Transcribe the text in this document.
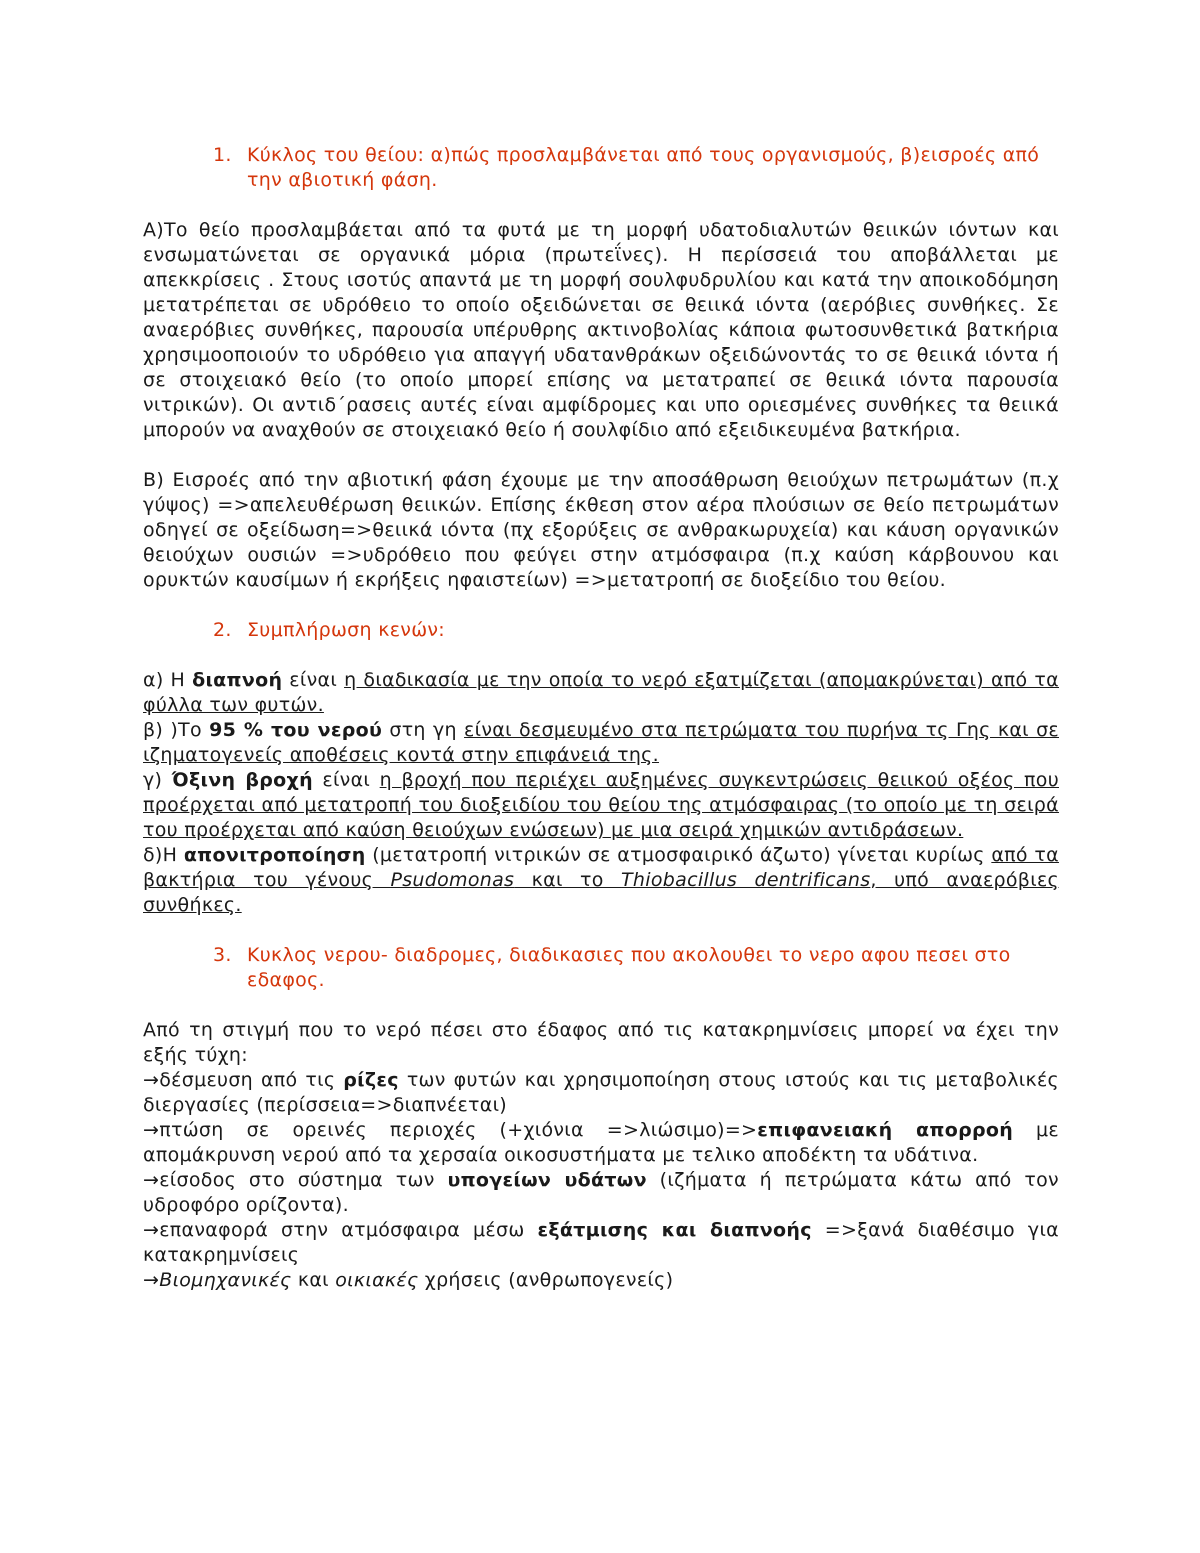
1. Κύκλος του θείου: α)πώς προσλαμβάνεται από τους οργανισμούς, β)εισροές από την αβιοτική φάση.

Α)Το θείο προσλαμβάεται από τα φυτά με τη μορφή υδατοδιαλυτών θειικών ιόντων και ενσωματώνεται σε οργανικά μόρια (πρωτεΐνες). Η περίσσειά του αποβάλλεται με απεκκρίσεις . Στους ισοτύς απαντά με τη μορφή σουλφυδρυλίου και κατά την αποικοδόμηση μετατρέπεται σε υδρόθειο το οποίο οξειδώνεται σε θειικά ιόντα (αερόβιες συνθήκες. Σε αναερόβιες συνθήκες, παρουσία υπέρυθρης ακτινοβολίας κάποια φωτοσυνθετικά βατκήρια χρησιμοοποιούν το υδρόθειο για απαγγή υδατανθράκων οξειδώνοντάς το σε θειικά ιόντα ή σε στοιχειακό θείο (το οποίο μπορεί επίσης να μετατραπεί σε θειικά ιόντα παρουσία νιτρικών). Οι αντιδ΄ρασεις αυτές είναι αμφίδρομες και υπο οριεσμένες συνθήκες τα θειικά μπορούν να αναχθούν σε στοιχειακό θείο ή σουλφίδιο από εξειδικευμένα βατκήρια.

Β) Εισροές από την αβιοτική φάση έχουμε με την αποσάθρωση θειούχων πετρωμάτων (π.χ γύψος) =>απελευθέρωση θειικών. Επίσης έκθεση στον αέρα πλούσιων σε θείο πετρωμάτων οδηγεί σε οξείδωση=>θειικά ιόντα (πχ εξορύξεις σε ανθρακωρυχεία) και κάυση οργανικών θειούχων ουσιών =>υδρόθειο που φεύγει στην ατμόσφαιρα (π.χ καύση κάρβουνου και ορυκτών καυσίμων ή εκρήξεις ηφαιστείων) =>μετατροπή σε διοξείδιο του θείου.

2. Συμπλήρωση κενών:
α) Η διαπνοή είναι η διαδικασία με την οποία το νερό εξατμίζεται (απομακρύνεται) από τα φύλλα των φυτών.
β) )Το 95 % του νερού στη γη είναι δεσμευμένο στα πετρώματα του πυρήνα τς Γης και σε ιζηματογενείς αποθέσεις κοντά στην επιφάνειά της.
γ) Όξινη βροχή είναι η βροχή που περιέχει αυξημένες συγκεντρώσεις θειικού οξέος που προέρχεται από μετατροπή του διοξειδίου του θείου της ατμόσφαιρας (το οποίο με τη σειρά του προέρχεται από καύση θειούχων ενώσεων) με μια σειρά χημικών αντιδράσεων.
δ)Η απονιτροποίηση (μετατροπή νιτρικών σε ατμοσφαιρικό άζωτο) γίνεται κυρίως από τα βακτήρια του γένους Psudomonas και το Thiobacillus dentrificans, υπό αναερόβιες συνθήκες.
3. Κυκλος νερου- διαδρομες, διαδικασιες που ακολουθει το νερο αφου πεσει στο εδαφος.
Από τη στιγμή που το νερό πέσει στο έδαφος από τις κατακρημνίσεις μπορεί να έχει την εξής τύχη:
→δέσμευση από τις ρίζες των φυτών και χρησιμοποίηση στους ιστούς και τις μεταβολικές διεργασίες (περίσσεια=>διαπνέεται)
→πτώση σε ορεινές περιοχές (+χιόνια =>λιώσιμο)=>επιφανειακή απορροή με απομάκρυνση νερού από τα χερσαία οικοσυστήματα με τελικο αποδέκτη τα υδάτινα.
→είσοδος στο σύστημα των υπογείων υδάτων (ιζήματα ή πετρώματα κάτω από τον υδροφόρο ορίζοντα).
→επαναφορά στην ατμόσφαιρα μέσω εξάτμισης και διαπνοής =>ξανά διαθέσιμο για κατακρημνίσεις
→Βιομηχανικές και οικιακές χρήσεις (ανθρωπογενείς)
